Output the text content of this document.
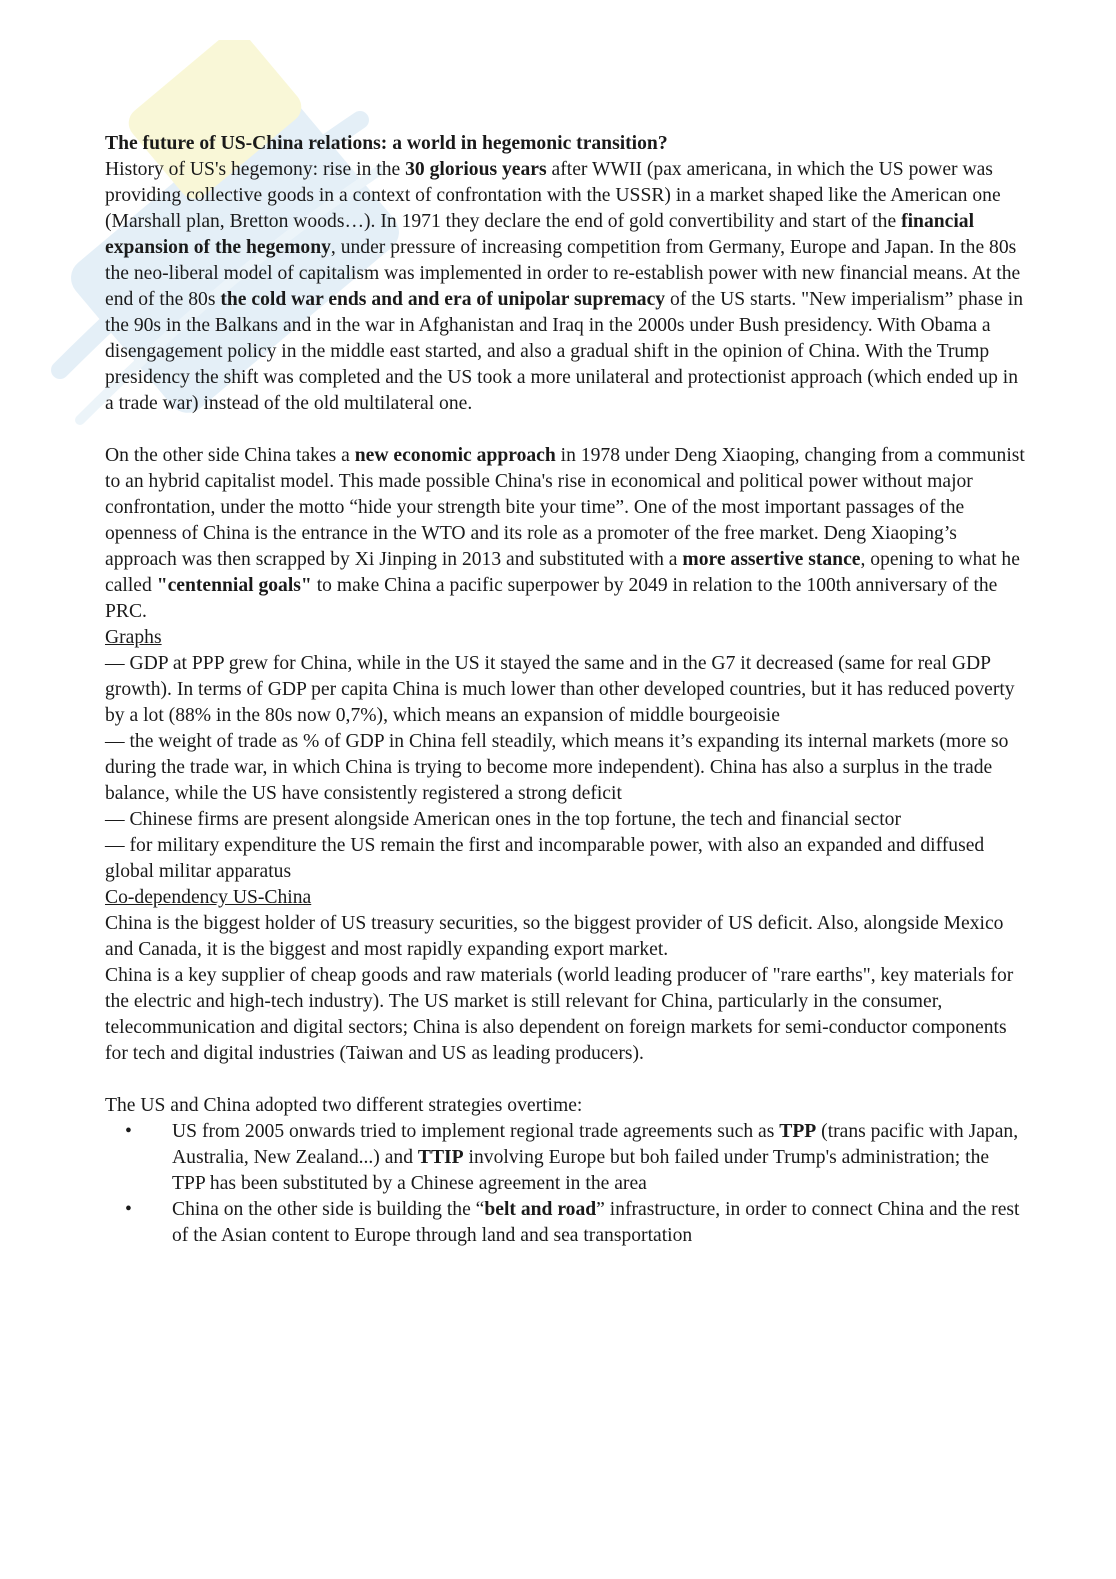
The future of US-China relations: a world in hegemonic transition?

History of US's hegemony: rise in the 30 glorious years after WWII (pax americana, in which the US power was providing collective goods in a context of confrontation with the USSR) in a market shaped like the American one (Marshall plan, Bretton woods…). In 1971 they declare the end of gold convertibility and start of the financial expansion of the hegemony, under pressure of increasing competition from Germany, Europe and Japan. In the 80s the neo-liberal model of capitalism was implemented in order to re-establish power with new financial means. At the end of the 80s the cold war ends and and era of unipolar supremacy of the US starts. "New imperialism” phase in the 90s in the Balkans and in the war in Afghanistan and Iraq in the 2000s under Bush presidency. With Obama a disengagement policy in the middle east started, and also a gradual shift in the opinion of China. With the Trump presidency the shift was completed and the US took a more unilateral and protectionist approach (which ended up in a trade war) instead of the old multilateral one.

On the other side China takes a new economic approach in 1978 under Deng Xiaoping, changing from a communist to an hybrid capitalist model. This made possible China's rise in economical and political power without major confrontation, under the motto “hide your strength bite your time”. One of the most important passages of the openness of China is the entrance in the WTO and its role as a promoter of the free market. Deng Xiaoping’s approach was then scrapped by Xi Jinping in 2013 and substituted with a more assertive stance, opening to what he called "centennial goals" to make China a pacific superpower by 2049 in relation to the 100th anniversary of the PRC.

Graphs

— GDP at PPP grew for China, while in the US it stayed the same and in the G7 it decreased (same for real GDP growth). In terms of GDP per capita China is much lower than other developed countries, but it has reduced poverty by a lot (88% in the 80s now 0,7%), which means an expansion of middle bourgeoisie

— the weight of trade as % of GDP in China fell steadily, which means it’s expanding its internal markets (more so during the trade war, in which China is trying to become more independent). China has also a surplus in the trade balance, while the US have consistently registered a strong deficit

— Chinese firms are present alongside American ones in the top fortune, the tech and financial sector

— for military expenditure the US remain the first and incomparable power, with also an expanded and diffused global militar apparatus

Co-dependency US-China

China is the biggest holder of US treasury securities, so the biggest provider of US deficit. Also, alongside Mexico and Canada, it is the biggest and most rapidly expanding export market.

China is a key supplier of cheap goods and raw materials (world leading producer of "rare earths", key materials for the electric and high-tech industry). The US market is still relevant for China, particularly in the consumer, telecommunication and digital sectors; China is also dependent on foreign markets for semi-conductor components for tech and digital industries (Taiwan and US as leading producers).

The US and China adopted two different strategies overtime:

• US from 2005 onwards tried to implement regional trade agreements such as TPP (trans pacific with Japan, Australia, New Zealand...) and TTIP involving Europe but boh failed under Trump's administration; the TPP has been substituted by a Chinese agreement in the area
• China on the other side is building the “belt and road” infrastructure, in order to connect China and the rest of the Asian content to Europe through land and sea transportation
